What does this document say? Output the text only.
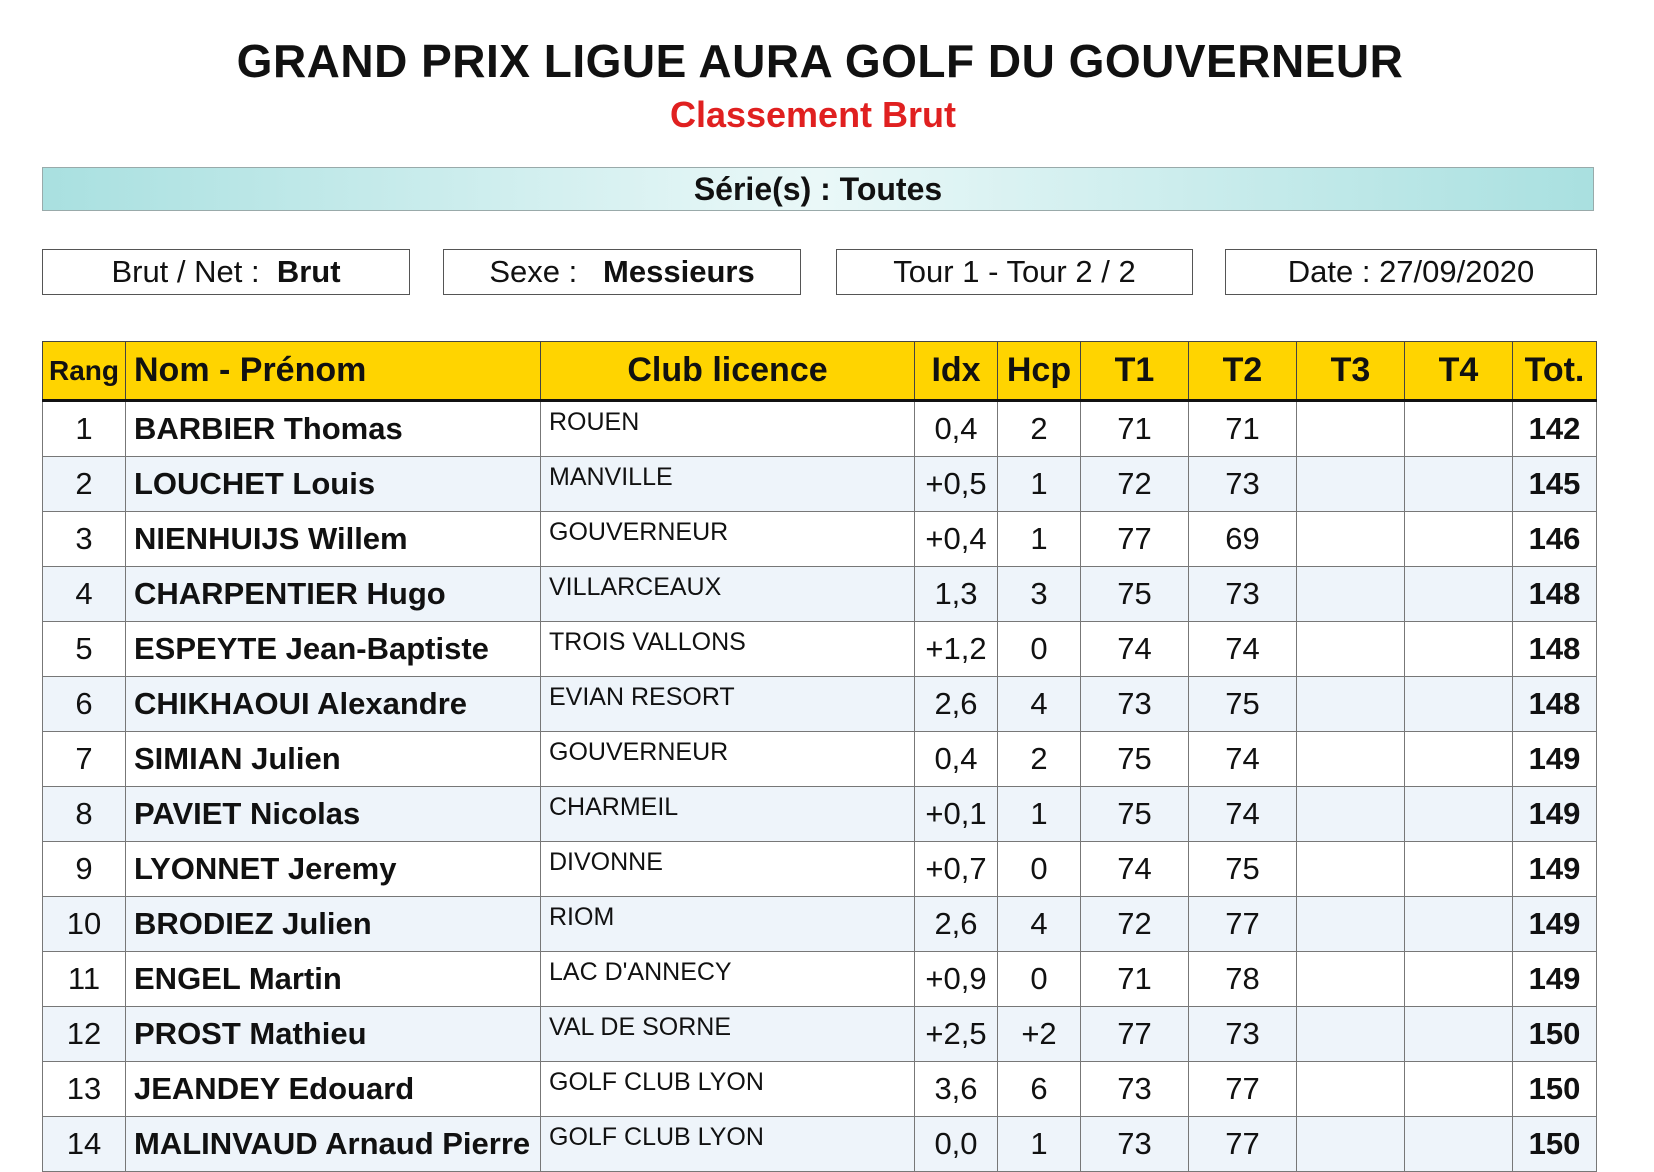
GRAND PRIX LIGUE AURA GOLF DU GOUVERNEUR
Classement Brut
Série(s) : Toutes
Brut / Net : Brut	Sexe : Messieurs	Tour 1 - Tour 2 / 2	Date : 27/09/2020
Rang	Nom - Prénom	Club licence	Idx	Hcp	T1	T2	T3	T4	Tot.
1	BARBIER Thomas	ROUEN	0,4	2	71	71			142
2	LOUCHET Louis	MANVILLE	+0,5	1	72	73			145
3	NIENHUIJS Willem	GOUVERNEUR	+0,4	1	77	69			146
4	CHARPENTIER Hugo	VILLARCEAUX	1,3	3	75	73			148
5	ESPEYTE Jean-Baptiste	TROIS VALLONS	+1,2	0	74	74			148
6	CHIKHAOUI Alexandre	EVIAN RESORT	2,6	4	73	75			148
7	SIMIAN Julien	GOUVERNEUR	0,4	2	75	74			149
8	PAVIET Nicolas	CHARMEIL	+0,1	1	75	74			149
9	LYONNET Jeremy	DIVONNE	+0,7	0	74	75			149
10	BRODIEZ Julien	RIOM	2,6	4	72	77			149
11	ENGEL Martin	LAC D'ANNECY	+0,9	0	71	78			149
12	PROST Mathieu	VAL DE SORNE	+2,5	+2	77	73			150
13	JEANDEY Edouard	GOLF CLUB LYON	3,6	6	73	77			150
14	MALINVAUD Arnaud Pierre	GOLF CLUB LYON	0,0	1	73	77			150
